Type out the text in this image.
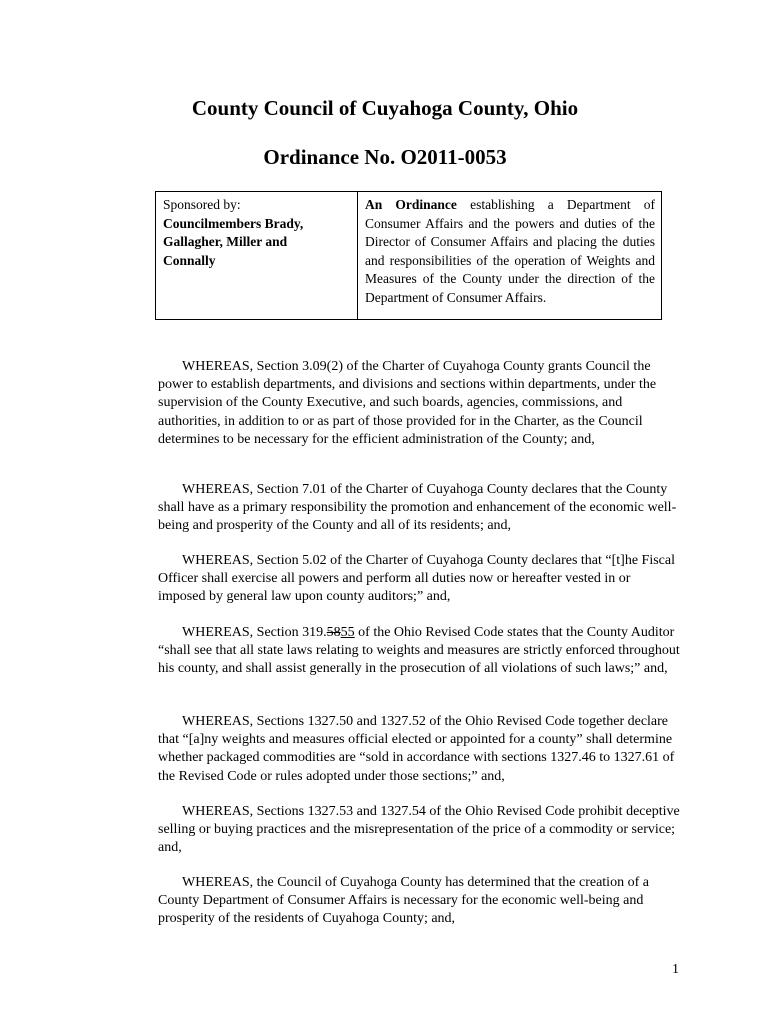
County Council of Cuyahoga County, Ohio
Ordinance No. O2011-0053
Sponsored by:
Councilmembers Brady,
Gallagher, Miller and
Connally
An Ordinance establishing a Department of Consumer Affairs and the powers and duties of the Director of Consumer Affairs and placing the duties and responsibilities of the operation of Weights and Measures of the County under the direction of the Department of Consumer Affairs.
WHEREAS, Section 3.09(2) of the Charter of Cuyahoga County grants Council the power to establish departments, and divisions and sections within departments, under the supervision of the County Executive, and such boards, agencies, commissions, and authorities, in addition to or as part of those provided for in the Charter, as the Council determines to be necessary for the efficient administration of the County; and,
WHEREAS, Section 7.01 of the Charter of Cuyahoga County declares that the County shall have as a primary responsibility the promotion and enhancement of the economic well-being and prosperity of the County and all of its residents; and,
WHEREAS, Section 5.02 of the Charter of Cuyahoga County declares that “[t]he Fiscal Officer shall exercise all powers and perform all duties now or hereafter vested in or imposed by general law upon county auditors;” and,
WHEREAS, Section 319.5855 of the Ohio Revised Code states that the County Auditor “shall see that all state laws relating to weights and measures are strictly enforced throughout his county, and shall assist generally in the prosecution of all violations of such laws;” and,
WHEREAS, Sections 1327.50 and 1327.52 of the Ohio Revised Code together declare that “[a]ny weights and measures official elected or appointed for a county” shall determine whether packaged commodities are “sold in accordance with sections 1327.46 to 1327.61 of the Revised Code or rules adopted under those sections;” and,
WHEREAS, Sections 1327.53 and 1327.54 of the Ohio Revised Code prohibit deceptive selling or buying practices and the misrepresentation of the price of a commodity or service; and,
WHEREAS, the Council of Cuyahoga County has determined that the creation of a County Department of Consumer Affairs is necessary for the economic well-being and prosperity of the residents of Cuyahoga County; and,
1
